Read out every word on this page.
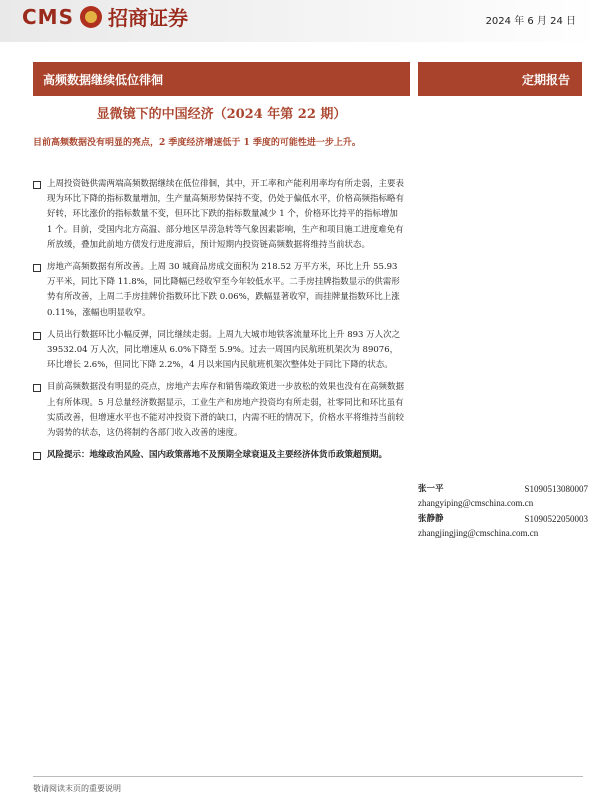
CMS 招商证券	2024 年 6 月 24 日
高频数据继续低位徘徊	定期报告
显微镜下的中国经济（2024 年第 22 期）
目前高频数据没有明显的亮点，2 季度经济增速低于 1 季度的可能性进一步上升。
上周投资链供需两端高频数据继续在低位徘徊，其中，开工率和产能利用率均有所走弱，主要表现为环比下降的指标数量增加，生产量高频形势保持不变，仍处于偏低水平，价格高频指标略有好转，环比涨价的指标数量不变，但环比下跌的指标数量减少 1 个，价格环比持平的指标增加 1 个。目前，受国内北方高温、部分地区旱涝急转等气象因素影响，生产和项目施工进度难免有所放缓，叠加此前地方债发行进度滞后，预计短期内投资链高频数据将维持当前状态。
房地产高频数据有所改善。上周 30 城商品房成交面积为 218.52 万平方米，环比上升 55.93 万平米，同比下降 11.8%，同比降幅已经收窄至今年较低水平。二手房挂牌指数显示的供需形势有所改善，上周二手房挂牌价指数环比下跌 0.06%，跌幅显著收窄，而挂牌量指数环比上涨 0.11%，涨幅也明显收窄。
人员出行数据环比小幅反弹，同比继续走弱。上周九大城市地铁客流量环比上升 893 万人次之 39532.04 万人次，同比增速从 6.0%下降至 5.9%。过去一周国内民航班机架次为 89076，环比增长 2.6%，但同比下降 2.2%，4 月以来国内民航班机架次整体处于同比下降的状态。
目前高频数据没有明显的亮点，房地产去库存和销售端政策进一步放松的效果也没有在高频数据上有所体现。5 月总量经济数据显示，工业生产和房地产投资均有所走弱，社零同比和环比虽有实质改善，但增速水平也不能对冲投资下滑的缺口，内需不旺的情况下，价格水平将维持当前较为弱势的状态，这仍将制约各部门收入改善的速度。
风险提示：地缘政治风险、国内政策落地不及预期全球衰退及主要经济体货币政策超预期。
张一平	S1090513080007
zhangyiping@cmschina.com.cn
张静静	S1090522050003
zhangjingjing@cmschina.com.cn
敬请阅读末页的重要说明
